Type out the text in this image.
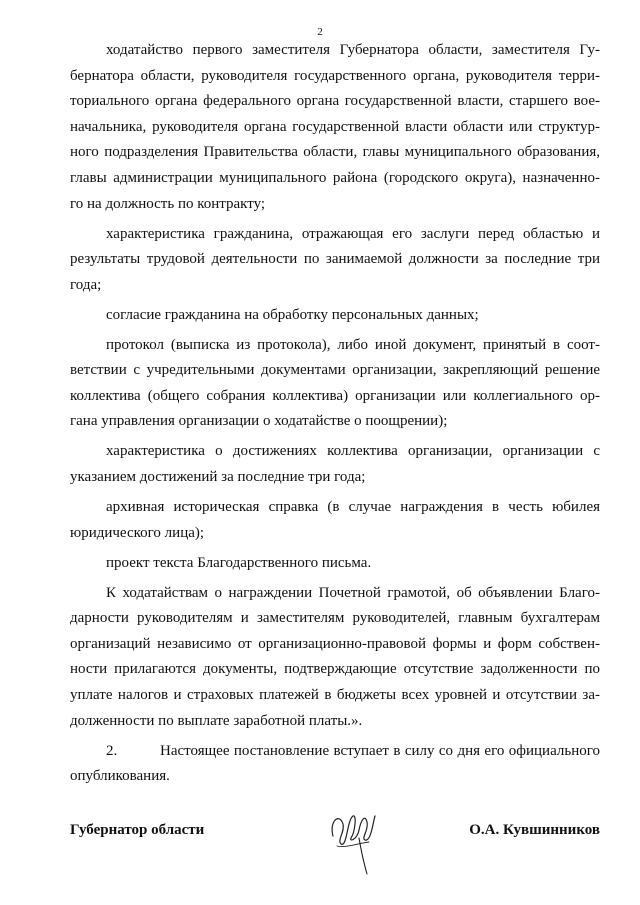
2
ходатайство первого заместителя Губернатора области, заместителя Гу-
бернатора области, руководителя государственного органа, руководителя терри-
ториального органа федерального органа государственной власти, старшего вое-
начальника, руководителя органа государственной власти области или структур-
ного подразделения Правительства области, главы муниципального образования,
главы администрации муниципального района (городского округа), назначенно-
го на должность по контракту;
характеристика гражданина, отражающая его заслуги перед областью и
результаты трудовой деятельности по занимаемой должности за последние три
года;
согласие гражданина на обработку персональных данных;
протокол (выписка из протокола), либо иной документ, принятый в соот-
ветствии с учредительными документами организации, закрепляющий решение
коллектива (общего собрания коллектива) организации или коллегиального ор-
гана управления организации о ходатайстве о поощрении);
характеристика о достижениях коллектива организации, организации с
указанием достижений за последние три года;
архивная историческая справка (в случае награждения в честь юбилея
юридического лица);
проект текста Благодарственного письма.
К ходатайствам о награждении Почетной грамотой, об объявлении Благо-
дарности руководителям и заместителям руководителей, главным бухгалтерам
организаций независимо от организационно-правовой формы и форм собствен-
ности прилагаются документы, подтверждающие отсутствие задолженности по
уплате налогов и страховых платежей в бюджеты всех уровней и отсутствии за-
долженности по выплате заработной платы.».
2.	Настоящее постановление вступает в силу со дня его официального
опубликования.
Губернатор области	О.А. Кувшинников
